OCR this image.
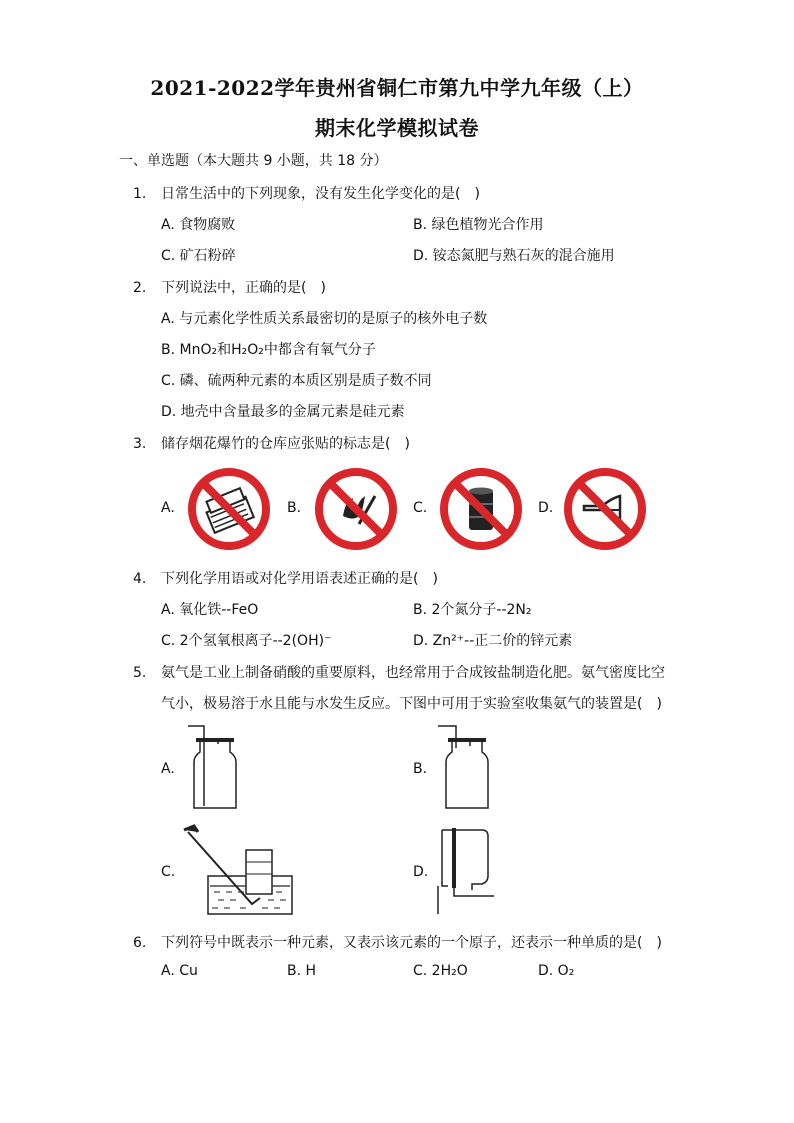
2021-2022学年贵州省铜仁市第九中学九年级（上）
期末化学模拟试卷
一、单选题（本大题共 9 小题，共 18 分）
1. 日常生活中的下列现象，没有发生化学变化的是(　)
A. 食物腐败	B. 绿色植物光合作用
C. 矿石粉碎	D. 铵态氮肥与熟石灰的混合施用
2. 下列说法中，正确的是(　)
A. 与元素化学性质关系最密切的是原子的核外电子数
B. MnO₂和H₂O₂中都含有氧气分子
C. 磷、硫两种元素的本质区别是质子数不同
D. 地壳中含量最多的金属元素是硅元素
3. 储存烟花爆竹的仓库应张贴的标志是(　)
A.	B.	C.	D.
4. 下列化学用语或对化学用语表述正确的是(　)
A. 氧化铁--FeO	B. 2个氮分子--2N₂
C. 2个氢氧根离子--2(OH)⁻	D. Zn²⁺--正二价的锌元素
5. 氨气是工业上制备硝酸的重要原料，也经常用于合成铵盐制造化肥。氨气密度比空
气小，极易溶于水且能与水发生反应。下图中可用于实验室收集氨气的装置是(　)
A.	B.
C.	D.
6. 下列符号中既表示一种元素，又表示该元素的一个原子，还表示一种单质的是(　)
A. Cu	B. H	C. 2H₂O	D. O₂
